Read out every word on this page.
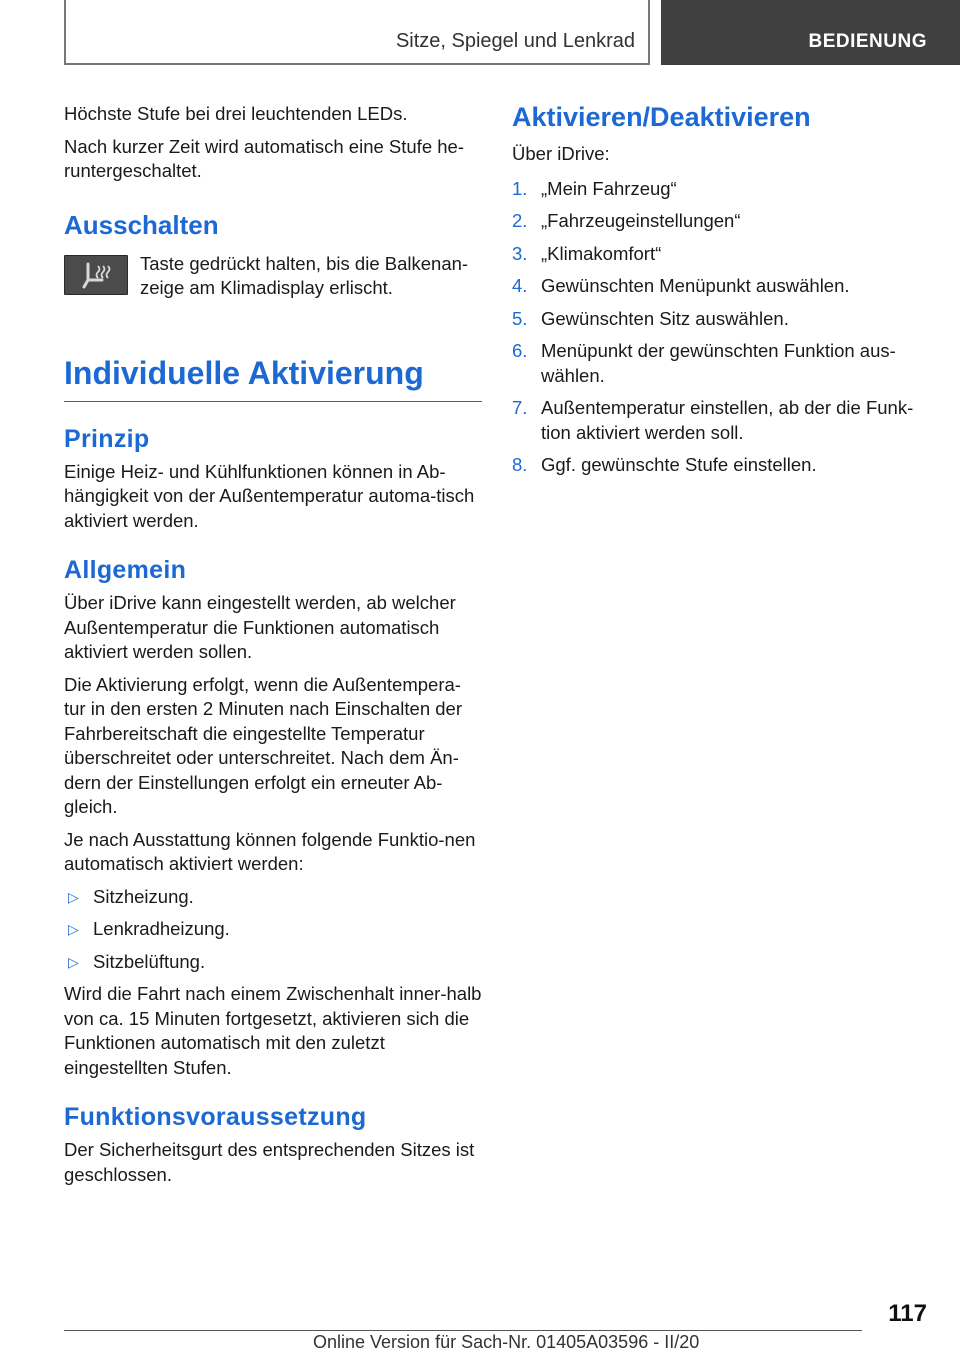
Sitze, Spiegel und Lenkrad	BEDIENUNG

Höchste Stufe bei drei leuchtenden LEDs.

Nach kurzer Zeit wird automatisch eine Stufe he-runtergeschaltet.

Ausschalten

Taste gedrückt halten, bis die Balkenan-zeige am Klimadisplay erlischt.

Individuelle Aktivierung
Prinzip

Einige Heiz- und Kühlfunktionen können in Ab-hängigkeit von der Außentemperatur automa-tisch aktiviert werden.

Allgemein

Über iDrive kann eingestellt werden, ab welcher Außentemperatur die Funktionen automatisch aktiviert werden sollen.

Die Aktivierung erfolgt, wenn die Außentempera-tur in den ersten 2 Minuten nach Einschalten der Fahrbereitschaft die eingestellte Temperatur überschreitet oder unterschreitet. Nach dem Än-dern der Einstellungen erfolgt ein erneuter Ab-gleich.

Je nach Ausstattung können folgende Funktio-nen automatisch aktiviert werden:

▷ Sitzheizung.
▷ Lenkradheizung.
▷ Sitzbelüftung.

Wird die Fahrt nach einem Zwischenhalt inner-halb von ca. 15 Minuten fortgesetzt, aktivieren sich die Funktionen automatisch mit den zuletzt eingestellten Stufen.

Funktionsvoraussetzung

Der Sicherheitsgurt des entsprechenden Sitzes ist geschlossen.

Aktivieren/Deaktivieren

Über iDrive:

1. „Mein Fahrzeug“
2. „Fahrzeugeinstellungen“
3. „Klimakomfort“
4. Gewünschten Menüpunkt auswählen.
5. Gewünschten Sitz auswählen.
6. Menüpunkt der gewünschten Funktion aus-wählen.
7. Außentemperatur einstellen, ab der die Funk-tion aktiviert werden soll.
8. Ggf. gewünschte Stufe einstellen.
117
Online Version für Sach-Nr. 01405A03596 - II/20
